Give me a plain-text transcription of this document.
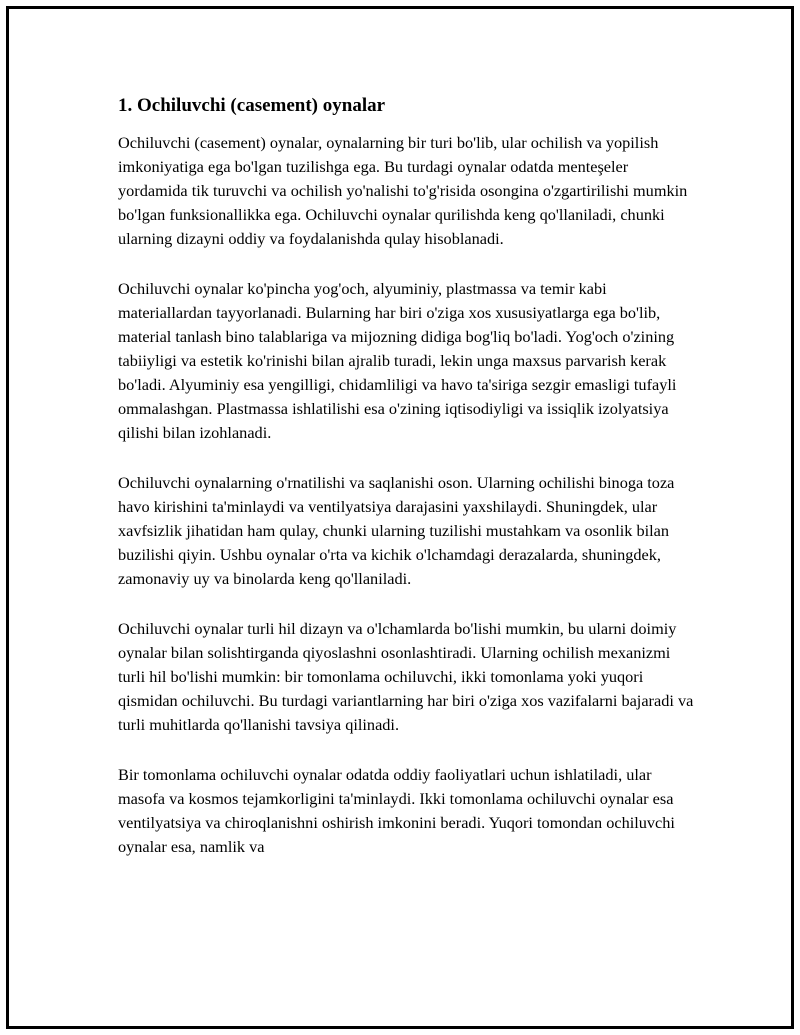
1. Ochiluvchi (casement) oynalar

Ochiluvchi (casement) oynalar, oynalarning bir turi bo'lib, ular ochilish va yopilish imkoniyatiga ega bo'lgan tuzilishga ega. Bu turdagi oynalar odatda menteşeler yordamida tik turuvchi va ochilish yo'nalishi to'g'risida osongina o'zgartirilishi mumkin bo'lgan funksionallikka ega. Ochiluvchi oynalar qurilishda keng qo'llaniladi, chunki ularning dizayni oddiy va foydalanishda qulay hisoblanadi.

Ochiluvchi oynalar ko'pincha yog'och, alyuminiy, plastmassa va temir kabi materiallardan tayyorlanadi. Bularning har biri o'ziga xos xususiyatlarga ega bo'lib, material tanlash bino talablariga va mijozning didiga bog'liq bo'ladi. Yog'och o'zining tabiiyligi va estetik ko'rinishi bilan ajralib turadi, lekin unga maxsus parvarish kerak bo'ladi. Alyuminiy esa yengilligi, chidamliligi va havo ta'siriga sezgir emasligi tufayli ommalashgan. Plastmassa ishlatilishi esa o'zining iqtisodiyligi va issiqlik izolyatsiya qilishi bilan izohlanadi.

Ochiluvchi oynalarning o'rnatilishi va saqlanishi oson. Ularning ochilishi binoga toza havo kirishini ta'minlaydi va ventilyatsiya darajasini yaxshilaydi. Shuningdek, ular xavfsizlik jihatidan ham qulay, chunki ularning tuzilishi mustahkam va osonlik bilan buzilishi qiyin. Ushbu oynalar o'rta va kichik o'lchamdagi derazalarda, shuningdek, zamonaviy uy va binolarda keng qo'llaniladi.

Ochiluvchi oynalar turli hil dizayn va o'lchamlarda bo'lishi mumkin, bu ularni doimiy oynalar bilan solishtirganda qiyoslashni osonlashtiradi. Ularning ochilish mexanizmi turli hil bo'lishi mumkin: bir tomonlama ochiluvchi, ikki tomonlama yoki yuqori qismidan ochiluvchi. Bu turdagi variantlarning har biri o'ziga xos vazifalarni bajaradi va turli muhitlarda qo'llanishi tavsiya qilinadi.

Bir tomonlama ochiluvchi oynalar odatda oddiy faoliyatlari uchun ishlatiladi, ular masofa va kosmos tejamkorligini ta'minlaydi. Ikki tomonlama ochiluvchi oynalar esa ventilyatsiya va chiroqlanishni oshirish imkonini beradi. Yuqori tomondan ochiluvchi oynalar esa, namlik va
